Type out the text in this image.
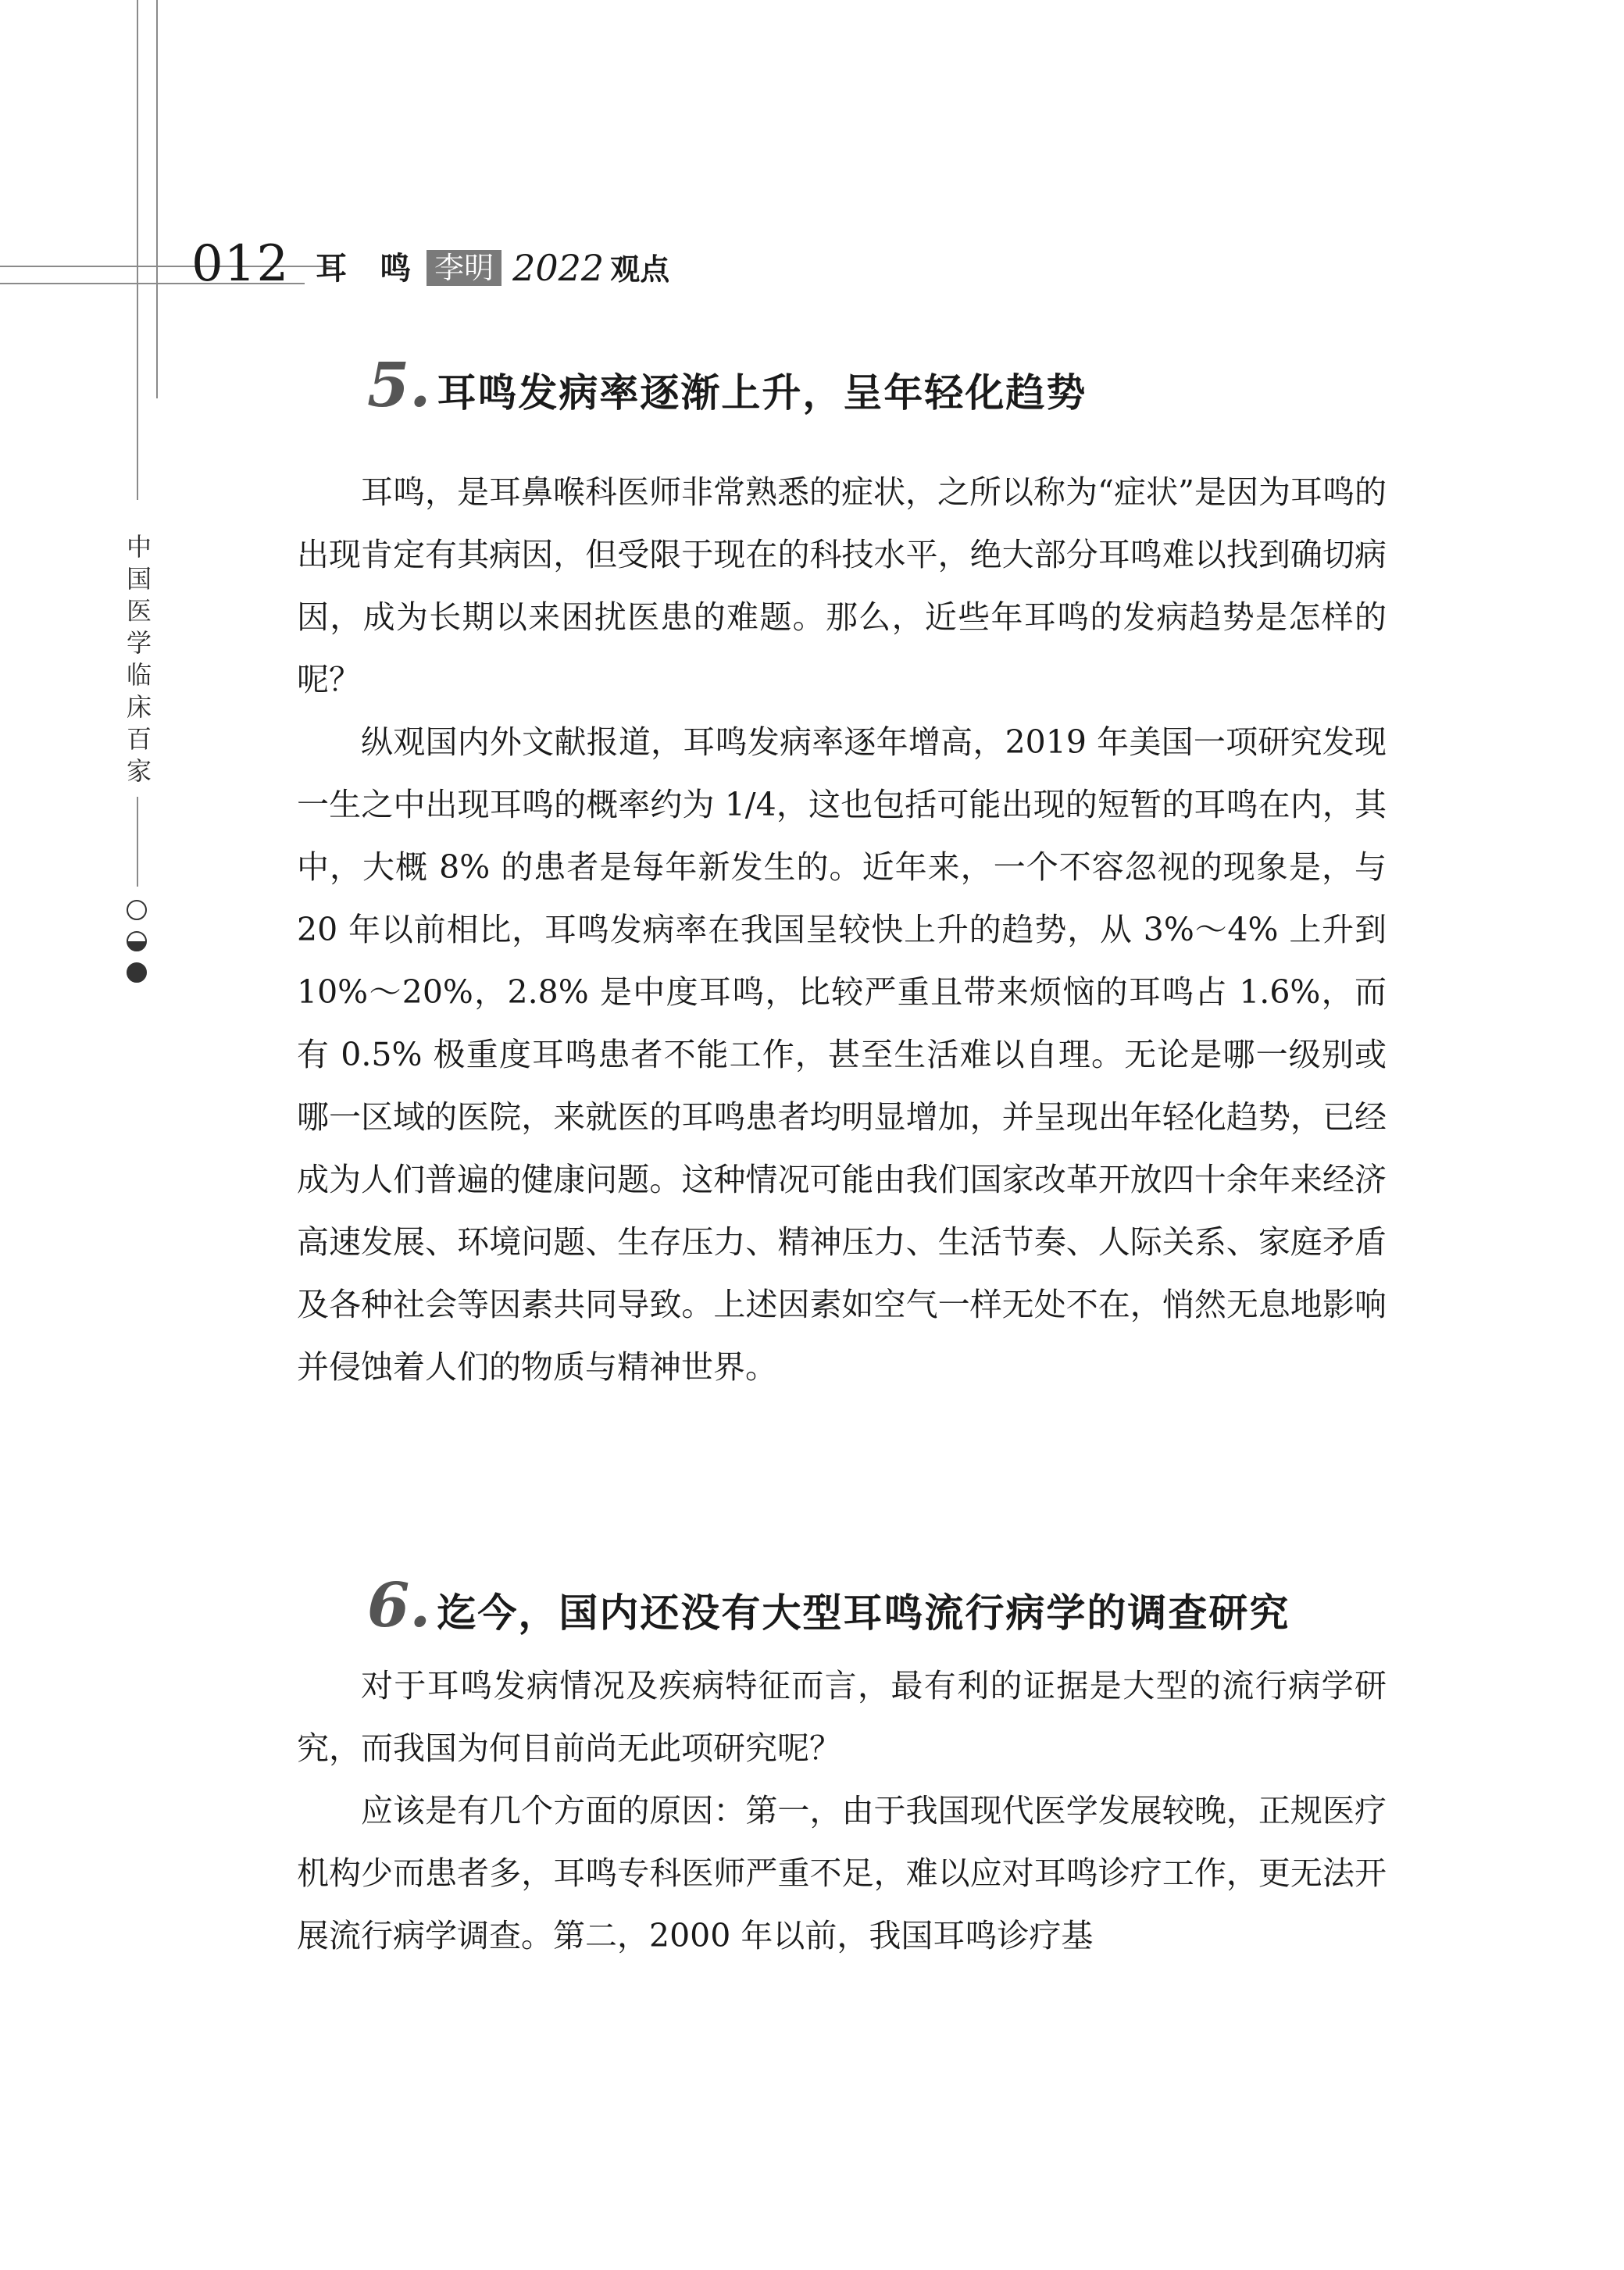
012 耳 鸣 李明 2022 观点
中
国
医
学
临
床
百
家
5. 耳鸣发病率逐渐上升，呈年轻化趋势

耳鸣，是耳鼻喉科医师非常熟悉的症状，之所以称为“症状”是因为耳鸣的出现肯定有其病因，但受限于现在的科技水平，绝大部分耳鸣难以找到确切病因，成为长期以来困扰医患的难题。那么，近些年耳鸣的发病趋势是怎样的呢？

纵观国内外文献报道，耳鸣发病率逐年增高，2019 年美国一项研究发现一生之中出现耳鸣的概率约为 1/4，这也包括可能出现的短暂的耳鸣在内，其中，大概 8% 的患者是每年新发生的。近年来，一个不容忽视的现象是，与 20 年以前相比，耳鸣发病率在我国呈较快上升的趋势，从 3%～4% 上升到 10%～20%，2.8% 是中度耳鸣，比较严重且带来烦恼的耳鸣占 1.6%，而有 0.5% 极重度耳鸣患者不能工作，甚至生活难以自理。无论是哪一级别或哪一区域的医院，来就医的耳鸣患者均明显增加，并呈现出年轻化趋势，已经成为人们普遍的健康问题。这种情况可能由我们国家改革开放四十余年来经济高速发展、环境问题、生存压力、精神压力、生活节奏、人际关系、家庭矛盾及各种社会等因素共同导致。上述因素如空气一样无处不在，悄然无息地影响并侵蚀着人们的物质与精神世界。

6. 迄今，国内还没有大型耳鸣流行病学的调查研究

对于耳鸣发病情况及疾病特征而言，最有利的证据是大型的流行病学研究，而我国为何目前尚无此项研究呢？

应该是有几个方面的原因：第一，由于我国现代医学发展较晚，正规医疗机构少而患者多，耳鸣专科医师严重不足，难以应对耳鸣诊疗工作，更无法开展流行病学调查。第二，2000 年以前，我国耳鸣诊疗基
